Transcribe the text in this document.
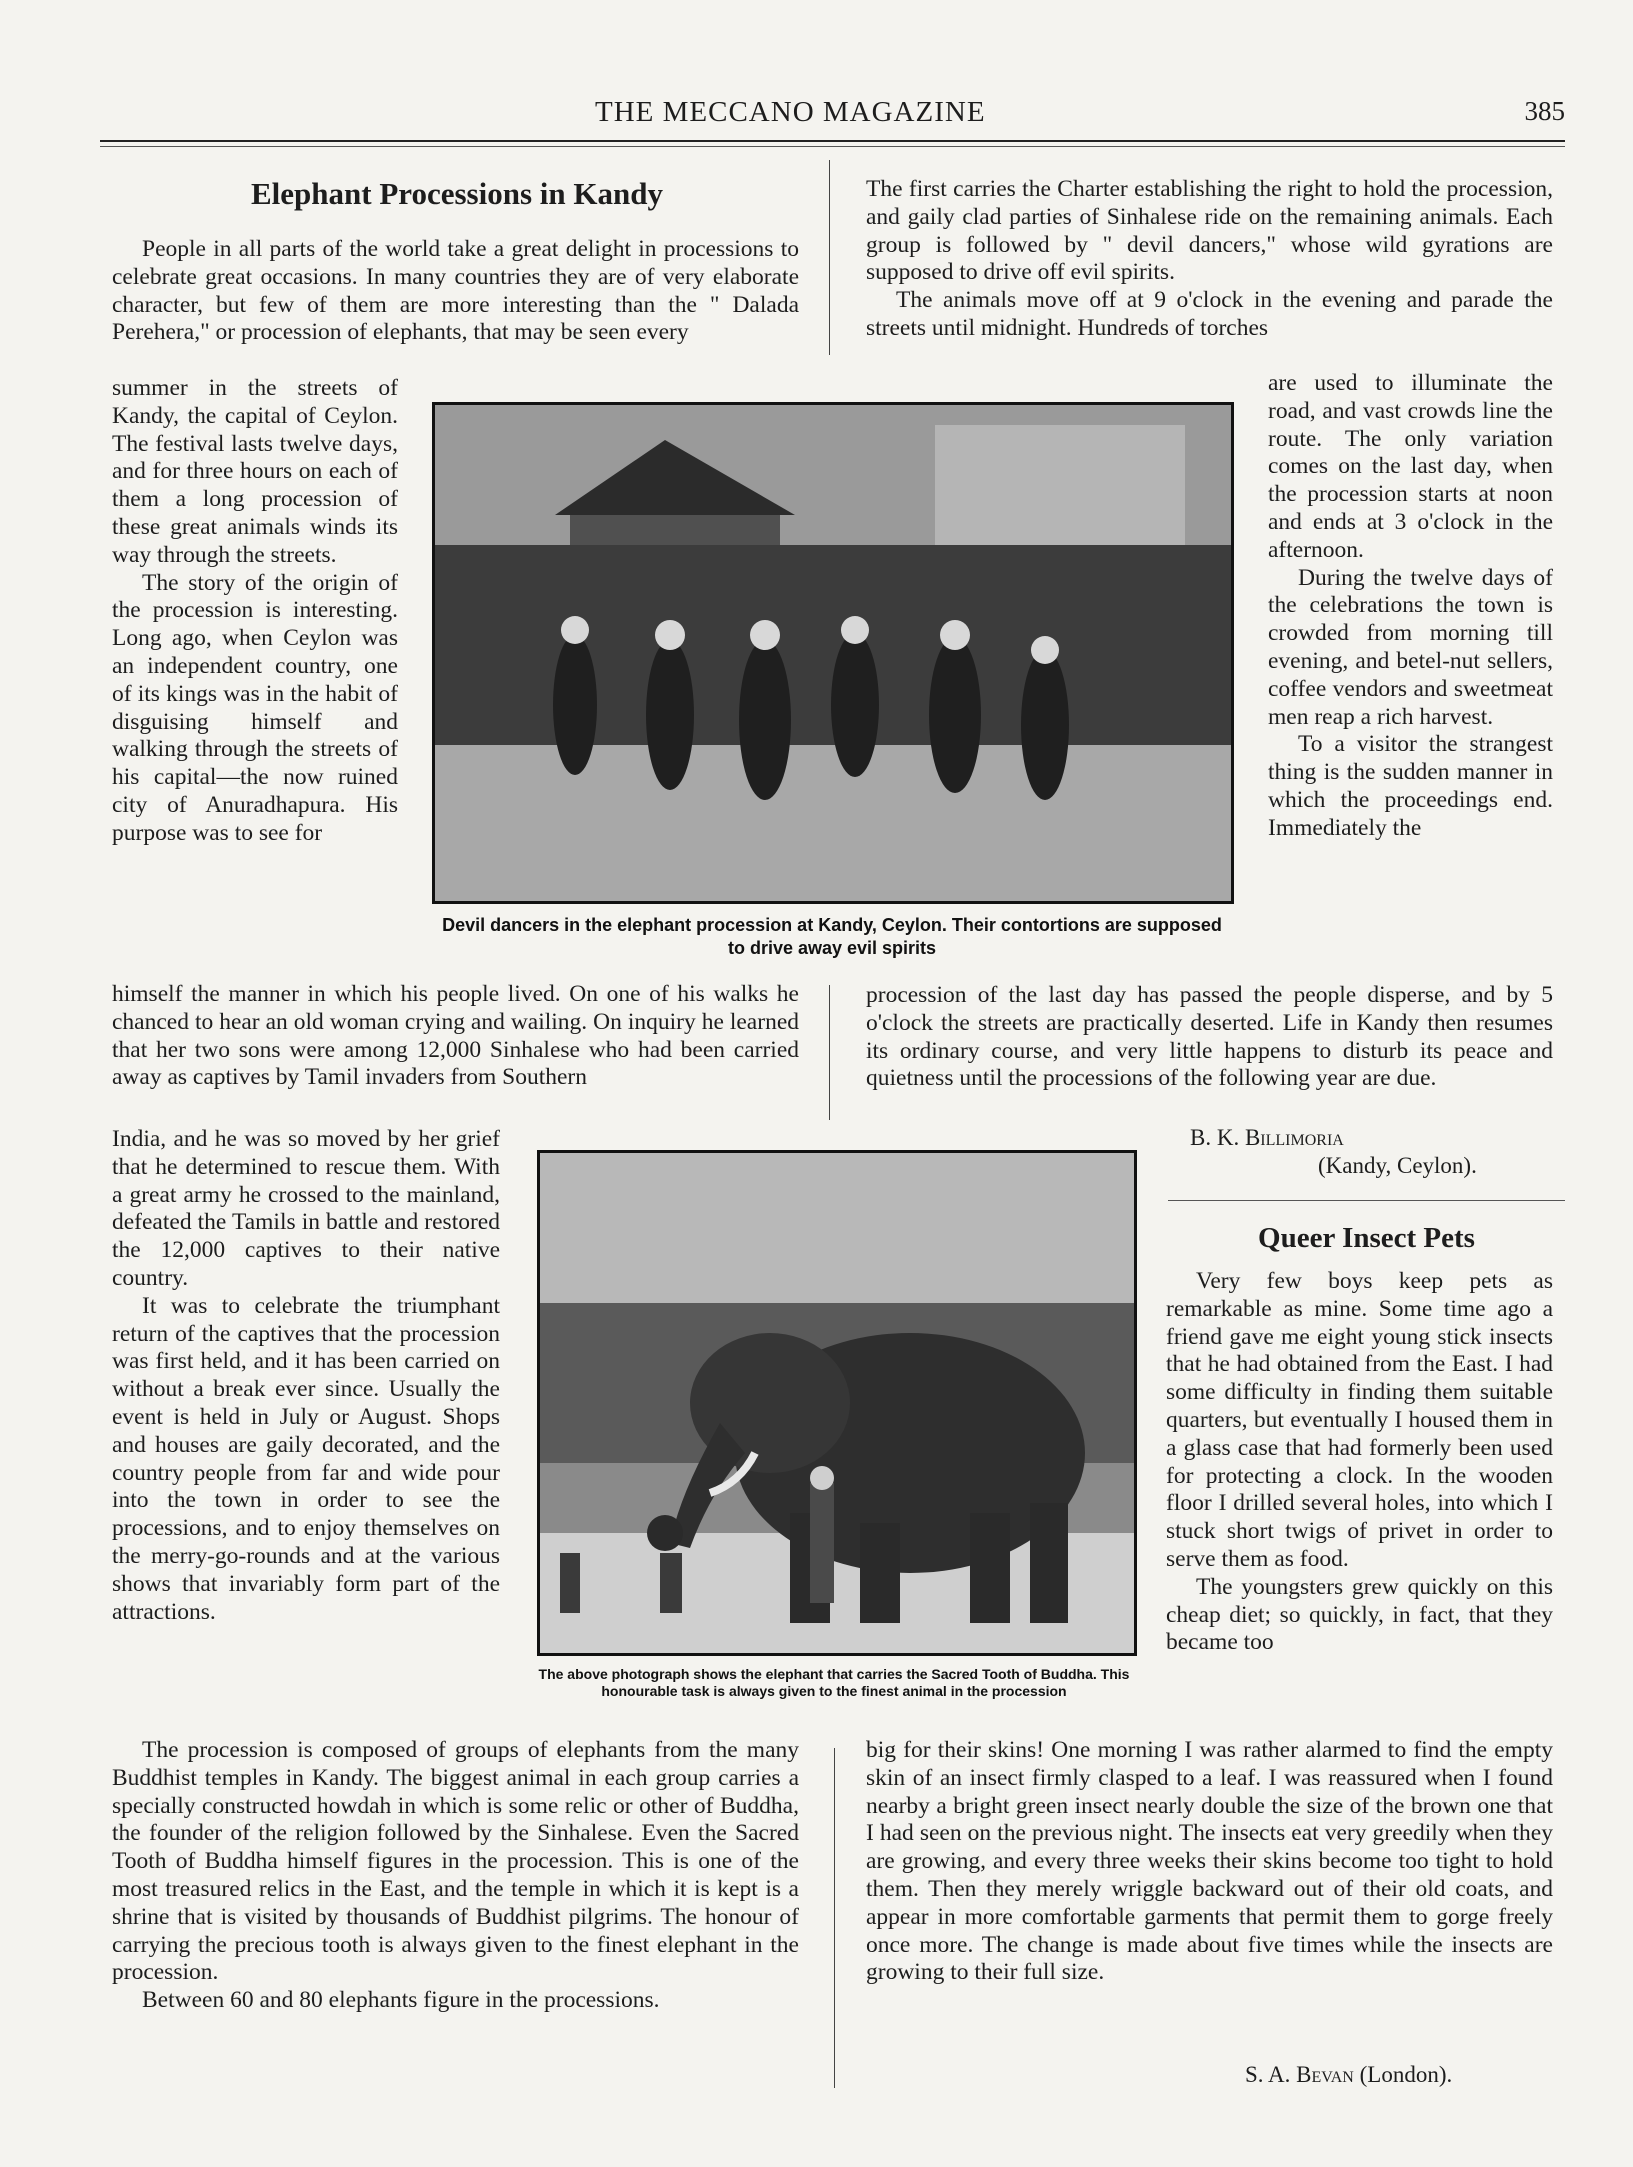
THE MECCANO MAGAZINE	385
Elephant Processions in Kandy

People in all parts of the world take a great delight in processions to celebrate great occasions. In many countries they are of very elaborate character, but few of them are more interesting than the " Dalada Perehera," or procession of elephants, that may be seen every

summer in the streets of Kandy, the capital of Ceylon. The festival lasts twelve days, and for three hours on each of them a long procession of these great animals winds its way through the streets.

The story of the origin of the procession is interesting. Long ago, when Ceylon was an independent country, one of its kings was in the habit of disguising himself and walking through the streets of his capital—the now ruined city of Anuradhapura. His purpose was to see for

himself the manner in which his people lived. On one of his walks he chanced to hear an old woman crying and wailing. On inquiry he learned that her two sons were among 12,000 Sinhalese who had been carried away as captives by Tamil invaders from Southern

India, and he was so moved by her grief that he determined to rescue them. With a great army he crossed to the mainland, defeated the Tamils in battle and restored the 12,000 captives to their native country.

It was to celebrate the triumphant return of the captives that the procession was first held, and it has been carried on without a break ever since. Usually the event is held in July or August. Shops and houses are gaily decorated, and the country people from far and wide pour into the town in order to see the processions, and to enjoy themselves on the merry-go-rounds and at the various shows that invariably form part of the attractions.

The procession is composed of groups of elephants from the many Buddhist temples in Kandy. The biggest animal in each group carries a specially constructed howdah in which is some relic or other of Buddha, the founder of the religion followed by the Sinhalese. Even the Sacred Tooth of Buddha himself figures in the procession. This is one of the most treasured relics in the East, and the temple in which it is kept is a shrine that is visited by thousands of Buddhist pilgrims. The honour of carrying the precious tooth is always given to the finest elephant in the procession.

Between 60 and 80 elephants figure in the processions.

The first carries the Charter establishing the right to hold the procession, and gaily clad parties of Sinhalese ride on the remaining animals. Each group is followed by " devil dancers," whose wild gyrations are supposed to drive off evil spirits.

The animals move off at 9 o'clock in the evening and parade the streets until midnight. Hundreds of torches

are used to illuminate the road, and vast crowds line the route. The only variation comes on the last day, when the procession starts at noon and ends at 3 o'clock in the afternoon.

During the twelve days of the celebrations the town is crowded from morning till evening, and betel-nut sellers, coffee vendors and sweetmeat men reap a rich harvest.

To a visitor the strangest thing is the sudden manner in which the proceedings end. Immediately the

procession of the last day has passed the people disperse, and by 5 o'clock the streets are practically deserted. Life in Kandy then resumes its ordinary course, and very little happens to disturb its peace and quietness until the processions of the following year are due.

B. K. Billimoria
(Kandy, Ceylon).
Queer Insect Pets

Very few boys keep pets as remarkable as mine. Some time ago a friend gave me eight young stick insects that he had obtained from the East. I had some difficulty in finding them suitable quarters, but eventually I housed them in a glass case that had formerly been used for protecting a clock. In the wooden floor I drilled several holes, into which I stuck short twigs of privet in order to serve them as food.

The youngsters grew quickly on this cheap diet; so quickly, in fact, that they became too

big for their skins! One morning I was rather alarmed to find the empty skin of an insect firmly clasped to a leaf. I was reassured when I found nearby a bright green insect nearly double the size of the brown one that I had seen on the previous night. The insects eat very greedily when they are growing, and every three weeks their skins become too tight to hold them. Then they merely wriggle backward out of their old coats, and appear in more comfortable garments that permit them to gorge freely once more. The change is made about five times while the insects are growing to their full size.

S. A. Bevan (London).
Devil dancers in the elephant procession at Kandy, Ceylon. Their contortions are supposed to drive away evil spirits
The above photograph shows the elephant that carries the Sacred Tooth of Buddha. This honourable task is always given to the finest animal in the procession
